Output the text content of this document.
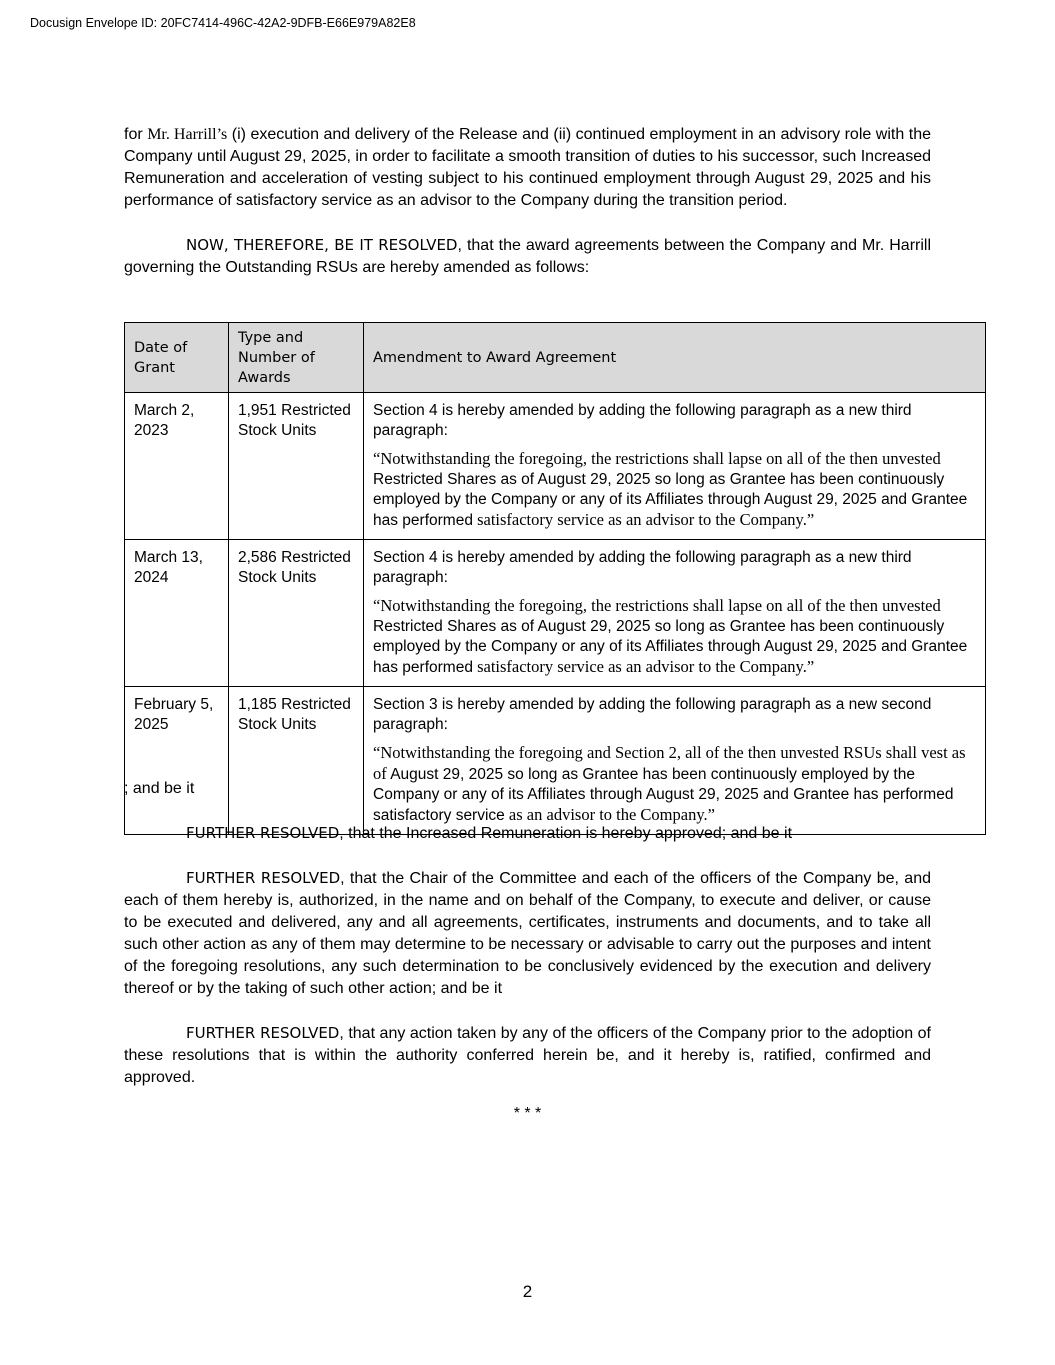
Docusign Envelope ID: 20FC7414-496C-42A2-9DFB-E66E979A82E8

for Mr. Harrill’s (i) execution and delivery of the Release and (ii) continued employment in an advisory role with the Company until August 29, 2025, in order to facilitate a smooth transition of duties to his successor, such Increased Remuneration and acceleration of vesting subject to his continued employment through August 29, 2025 and his performance of satisfactory service as an advisor to the Company during the transition period.

NOW, THEREFORE, BE IT RESOLVED, that the award agreements between the Company and Mr. Harrill governing the Outstanding RSUs are hereby amended as follows:

Date of Grant	Type and Number of Awards	Amendment to Award Agreement
March 2, 2023	1,951 Restricted Stock Units	Section 4 is hereby amended by adding the following paragraph as a new third paragraph:

“Notwithstanding the foregoing, the restrictions shall lapse on all of the then unvested Restricted Shares as of August 29, 2025 so long as Grantee has been continuously employed by the Company or any of its Affiliates through August 29, 2025 and Grantee has performed satisfactory service as an advisor to the Company.”

March 13, 2024	2,586 Restricted Stock Units	Section 4 is hereby amended by adding the following paragraph as a new third paragraph:

“Notwithstanding the foregoing, the restrictions shall lapse on all of the then unvested Restricted Shares as of August 29, 2025 so long as Grantee has been continuously employed by the Company or any of its Affiliates through August 29, 2025 and Grantee has performed satisfactory service as an advisor to the Company.”

February 5, 2025	1,185 Restricted Stock Units	Section 3 is hereby amended by adding the following paragraph as a new second paragraph:

“Notwithstanding the foregoing and Section 2, all of the then unvested RSUs shall vest as of August 29, 2025 so long as Grantee has been continuously employed by the Company or any of its Affiliates through August 29, 2025 and Grantee has performed satisfactory service as an advisor to the Company.”

; and be it

FURTHER RESOLVED, that the Increased Remuneration is hereby approved; and be it

FURTHER RESOLVED, that the Chair of the Committee and each of the officers of the Company be, and each of them hereby is, authorized, in the name and on behalf of the Company, to execute and deliver, or cause to be executed and delivered, any and all agreements, certificates, instruments and documents, and to take all such other action as any of them may determine to be necessary or advisable to carry out the purposes and intent of the foregoing resolutions, any such determination to be conclusively evidenced by the execution and delivery thereof or by the taking of such other action; and be it

FURTHER RESOLVED, that any action taken by any of the officers of the Company prior to the adoption of these resolutions that is within the authority conferred herein be, and it hereby is, ratified, confirmed and approved.

* * *
2
